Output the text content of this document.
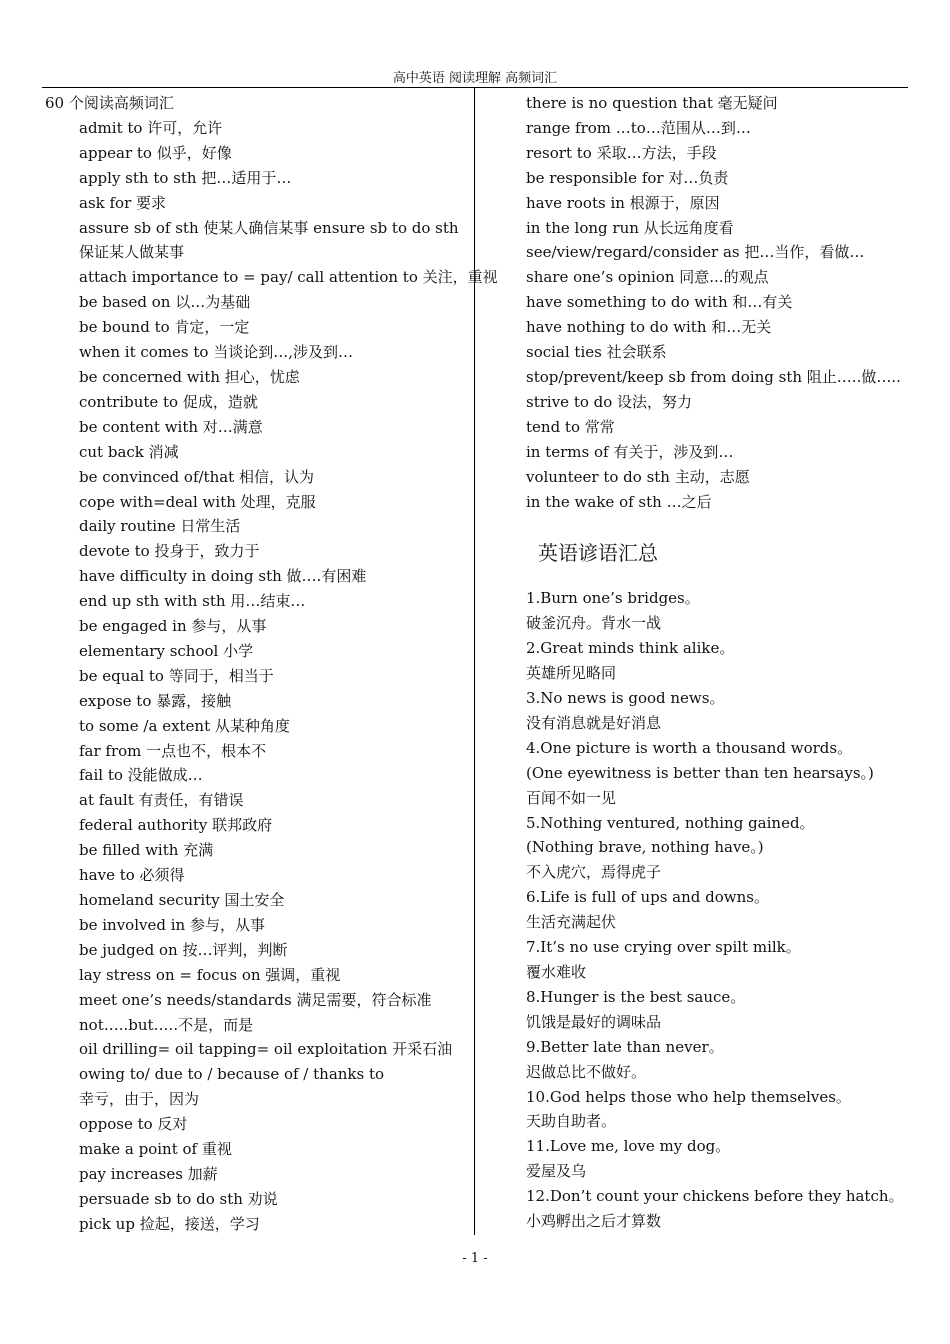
高中英语 阅读理解 高频词汇
60 个阅读高频词汇
admit to 许可，允许
appear to 似乎，好像
apply sth to sth 把…适用于…
ask for 要求
assure sb of sth 使某人确信某事 ensure sb to do sth
保证某人做某事
attach importance to = pay/ call attention to 关注，重视
be based on 以…为基础
be bound to 肯定，一定
when it comes to 当谈论到…,涉及到…
be concerned with 担心，忧虑
contribute to 促成，造就
be content with 对…满意
cut back 消减
be convinced of/that 相信，认为
cope with=deal with 处理，克服
daily routine 日常生活
devote to 投身于，致力于
have difficulty in doing sth 做….有困难
end up sth with sth 用…结束…
be engaged in 参与，从事
elementary school 小学
be equal to 等同于，相当于
expose to 暴露，接触
to some /a extent 从某种角度
far from 一点也不，根本不
fail to 没能做成…
at fault 有责任，有错误
federal authority 联邦政府
be filled with 充满
have to 必须得
homeland security 国土安全
be involved in 参与，从事
be judged on 按…评判，判断
lay stress on = focus on 强调，重视
meet one’s needs/standards 满足需要，符合标准
not…..but…..不是，而是
oil drilling= oil tapping= oil exploitation 开采石油
owing to/ due to / because of / thanks to
幸亏，由于，因为
oppose to 反对
make a point of 重视
pay increases 加薪
persuade sb to do sth 劝说
pick up 捡起，接送，学习
there is no question that 毫无疑问
range from …to…范围从…到…
resort to 采取…方法，手段
be responsible for 对…负责
have roots in 根源于，原因
in the long run 从长远角度看
see/view/regard/consider as 把…当作，看做…
share one’s opinion 同意...的观点
have something to do with 和…有关
have nothing to do with 和…无关
social ties 社会联系
stop/prevent/keep sb from doing sth 阻止…..做…..
strive to do 设法，努力
tend to 常常
in terms of 有关于，涉及到…
volunteer to do sth 主动，志愿
in the wake of sth …之后
英语谚语汇总
1.Burn one’s bridges。
破釜沉舟。背水一战
2.Great minds think alike。
英雄所见略同
3.No news is good news。
没有消息就是好消息
4.One picture is worth a thousand words。
(One eyewitness is better than ten hearsays。)
百闻不如一见
5.Nothing ventured, nothing gained。
(Nothing brave, nothing have。)
不入虎穴，焉得虎子
6.Life is full of ups and downs。
生活充满起伏
7.It’s no use crying over spilt milk。
覆水难收
8.Hunger is the best sauce。
饥饿是最好的调味品
9.Better late than never。
迟做总比不做好。
10.God helps those who help themselves。
天助自助者。
11.Love me, love my dog。
爱屋及乌
12.Don’t count your chickens before they hatch。
小鸡孵出之后才算数
- 1 -
